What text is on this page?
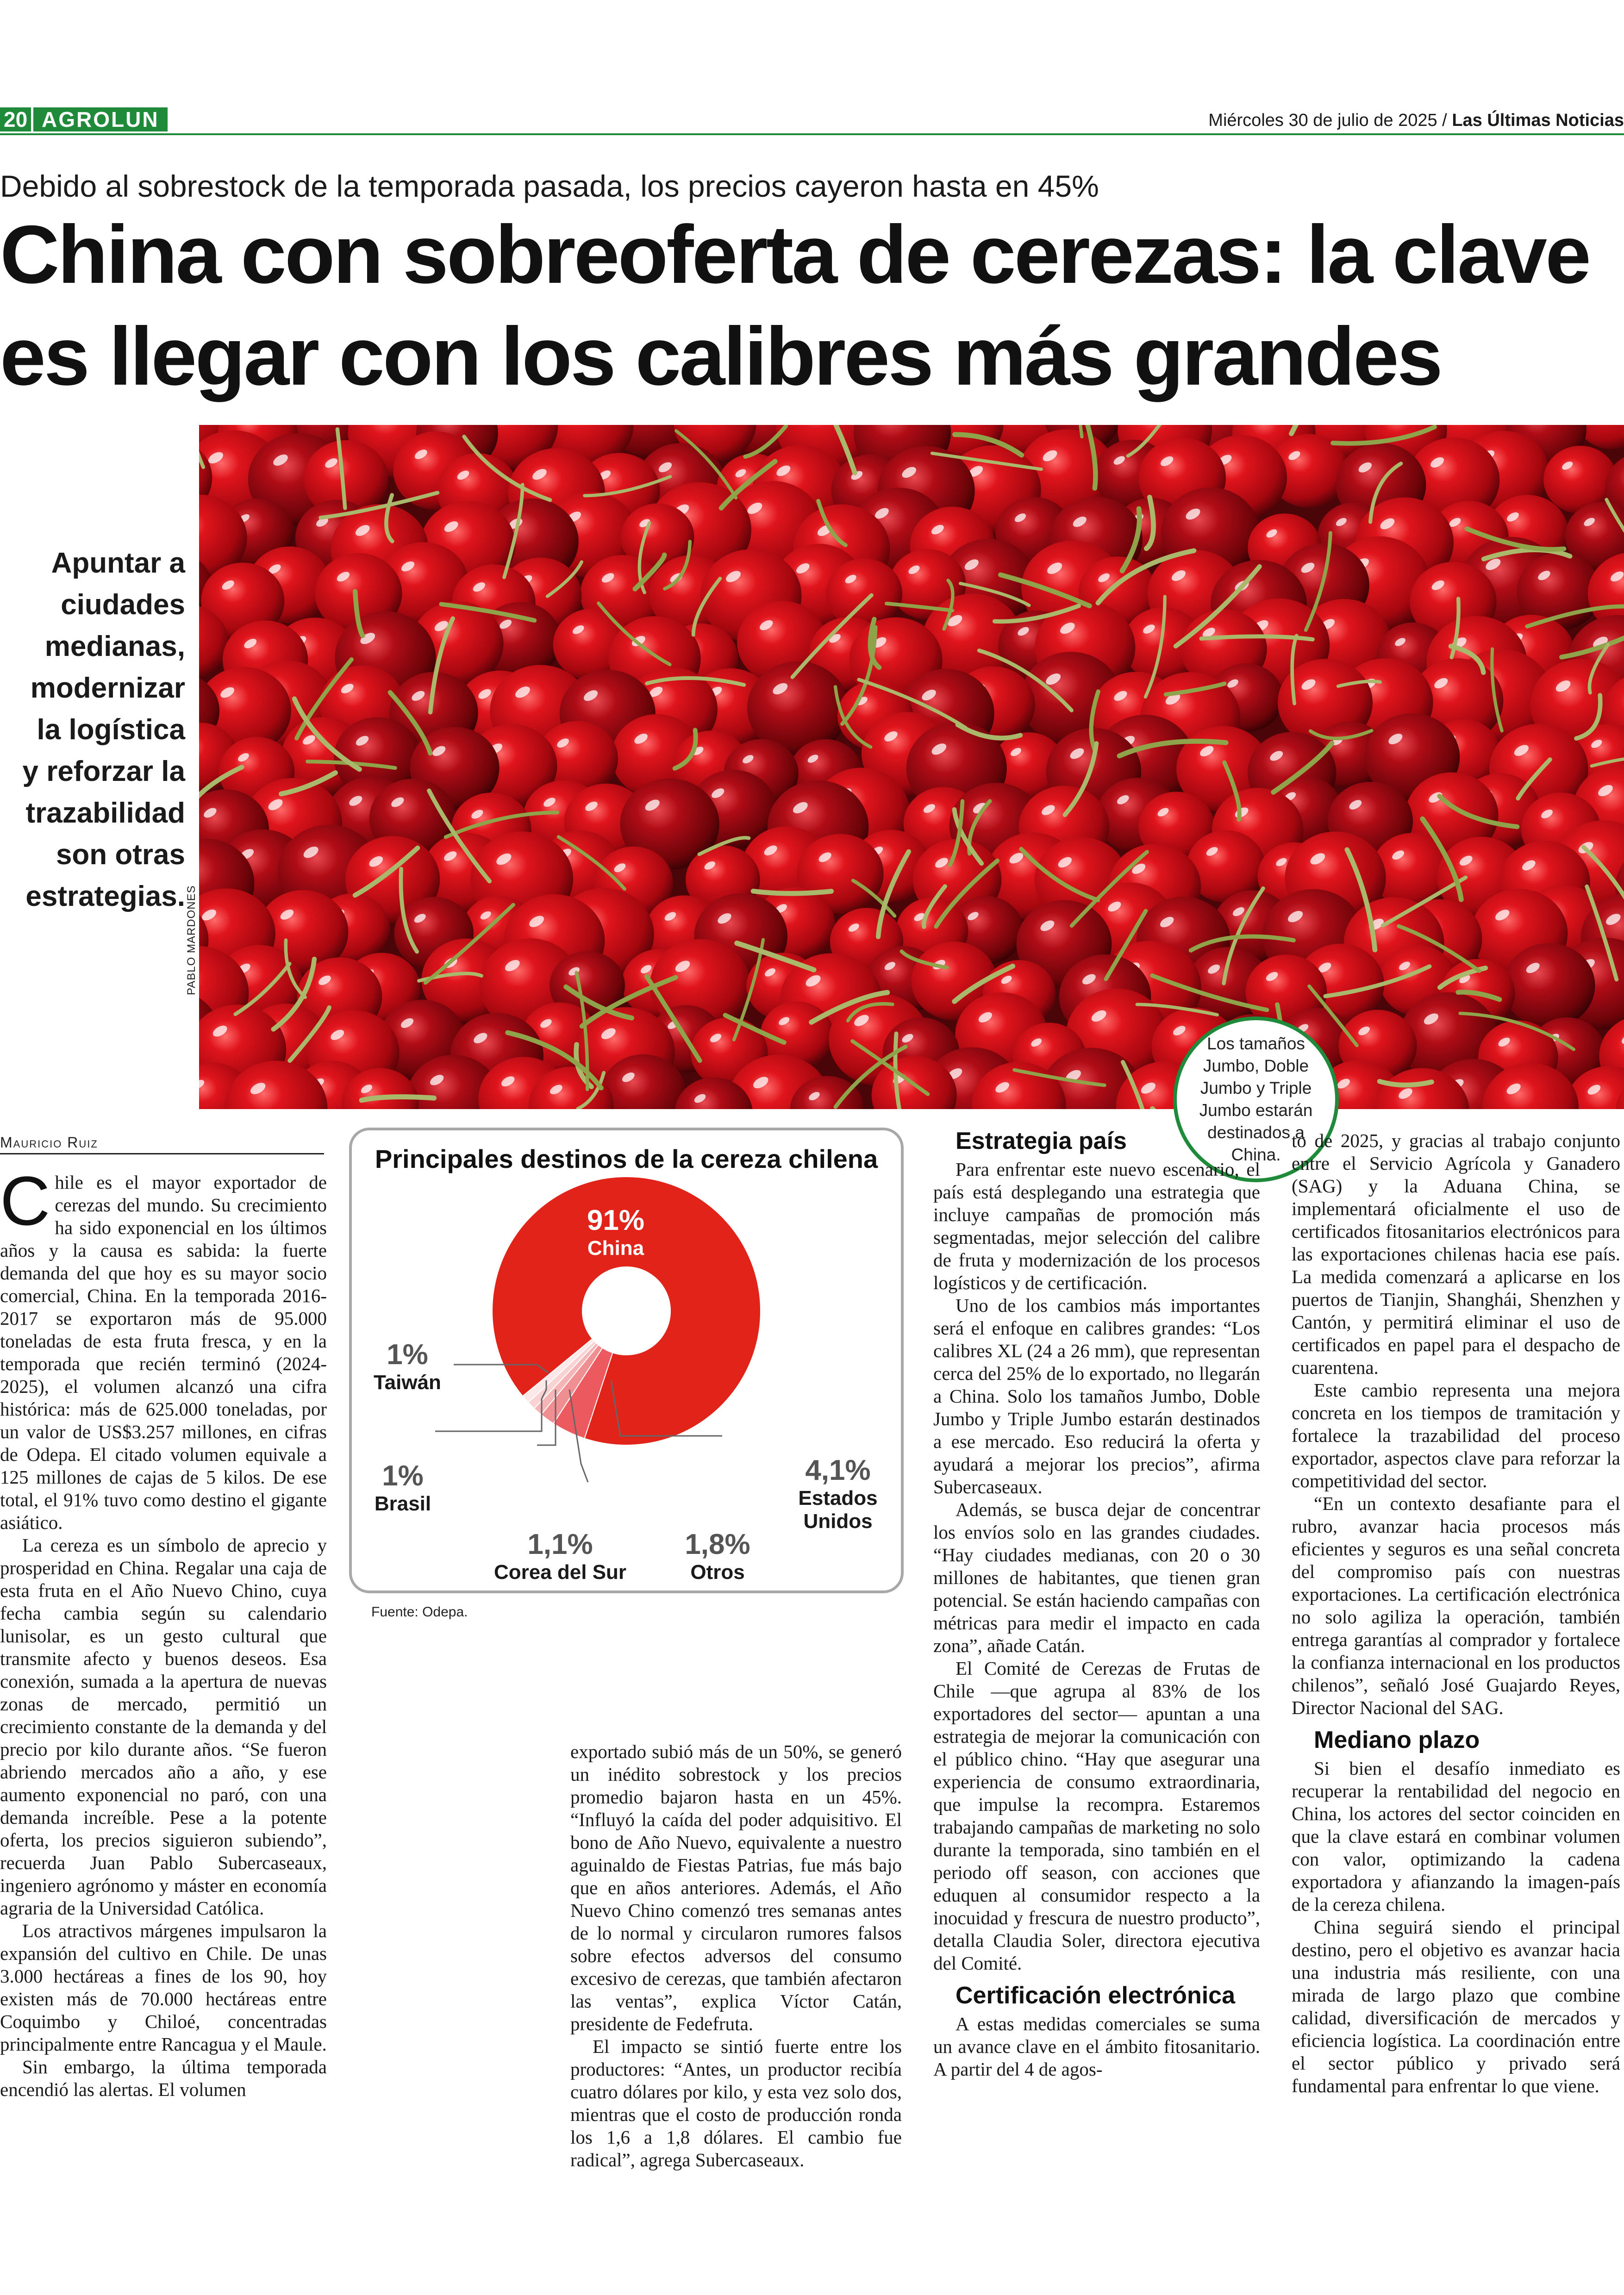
20 AGROLUN	Miércoles 30 de julio de 2025 / Las Últimas Noticias
Debido al sobrestock de la temporada pasada, los precios cayeron hasta en 45%
China con sobreoferta de cerezas: la clave
es llegar con los calibres más grandes
Apuntar a
ciudades
medianas,
modernizar
la logística
y reforzar la
trazabilidad
son otras
estrategias. PABLO MARDONES
Los tamaños Jumbo, Doble Jumbo y Triple Jumbo estarán destinados a China.
Mauricio Ruiz

Chile es el mayor exportador de cerezas del mundo. Su crecimiento ha sido exponencial en los últimos años y la causa es sabida: la fuerte demanda del que hoy es su mayor socio comercial, China. En la temporada 2016-2017 se exportaron más de 95.000 toneladas de esta fruta fresca, y en la temporada que recién terminó (2024-2025), el volumen alcanzó una cifra histórica: más de 625.000 toneladas, por un valor de US$3.257 millones, en cifras de Odepa. El citado volumen equivale a 125 millones de cajas de 5 kilos. De ese total, el 91% tuvo como destino el gigante asiático.

La cereza es un símbolo de aprecio y prosperidad en China. Regalar una caja de esta fruta en el Año Nuevo Chino, cuya fecha cambia según su calendario lunisolar, es un gesto cultural que transmite afecto y buenos deseos. Esa conexión, sumada a la apertura de nuevas zonas de mercado, permitió un crecimiento constante de la demanda y del precio por kilo durante años. “Se fueron abriendo mercados año a año, y ese aumento exponencial no paró, con una demanda increíble. Pese a la potente oferta, los precios siguieron subiendo”, recuerda Juan Pablo Subercaseaux, ingeniero agrónomo y máster en economía agraria de la Universidad Católica.

Los atractivos márgenes impulsaron la expansión del cultivo en Chile. De unas 3.000 hectáreas a fines de los 90, hoy existen más de 70.000 hectáreas entre Coquimbo y Chiloé, concentradas principalmente entre Rancagua y el Maule.

Sin embargo, la última temporada encendió las alertas. El volumen

Principales destinos de la cereza chilena
91%
China
1%
Taiwán
1%
Brasil
1,1%
Corea del Sur
1,8%
Otros
4,1%
Estados
Unidos
Fuente: Odepa.

exportado subió más de un 50%, se generó un inédito sobrestock y los precios promedio bajaron hasta en un 45%. “Influyó la caída del poder adquisitivo. El bono de Año Nuevo, equivalente a nuestro aguinaldo de Fiestas Patrias, fue más bajo que en años anteriores. Además, el Año Nuevo Chino comenzó tres semanas antes de lo normal y circularon rumores falsos sobre efectos adversos del consumo excesivo de cerezas, que también afectaron las ventas”, explica Víctor Catán, presidente de Fedefruta.

El impacto se sintió fuerte entre los productores: “Antes, un productor recibía cuatro dólares por kilo, y esta vez solo dos, mientras que el costo de producción ronda los 1,6 a 1,8 dólares. El cambio fue radical”, agrega Subercaseaux.

Estrategia país

Para enfrentar este nuevo escenario, el país está desplegando una estrategia que incluye campañas de promoción más segmentadas, mejor selección del calibre de fruta y modernización de los procesos logísticos y de certificación.

Uno de los cambios más importantes será el enfoque en calibres grandes: “Los calibres XL (24 a 26 mm), que representan cerca del 25% de lo exportado, no llegarán a China. Solo los tamaños Jumbo, Doble Jumbo y Triple Jumbo estarán destinados a ese mercado. Eso reducirá la oferta y ayudará a mejorar los precios”, afirma Subercaseaux.

Además, se busca dejar de concentrar los envíos solo en las grandes ciudades. “Hay ciudades medianas, con 20 o 30 millones de habitantes, que tienen gran potencial. Se están haciendo campañas con métricas para medir el impacto en cada zona”, añade Catán.

El Comité de Cerezas de Frutas de Chile —que agrupa al 83% de los exportadores del sector— apuntan a una estrategia de mejorar la comunicación con el público chino. “Hay que asegurar una experiencia de consumo extraordinaria, que impulse la recompra. Estaremos trabajando campañas de marketing no solo durante la temporada, sino también en el periodo off season, con acciones que eduquen al consumidor respecto a la inocuidad y frescura de nuestro producto”, detalla Claudia Soler, directora ejecutiva del Comité.

Certificación electrónica

A estas medidas comerciales se suma un avance clave en el ámbito fitosanitario. A partir del 4 de agos-

to de 2025, y gracias al trabajo conjunto entre el Servicio Agrícola y Ganadero (SAG) y la Aduana China, se implementará oficialmente el uso de certificados fitosanitarios electrónicos para las exportaciones chilenas hacia ese país. La medida comenzará a aplicarse en los puertos de Tianjin, Shanghái, Shenzhen y Cantón, y permitirá eliminar el uso de certificados en papel para el despacho de cuarentena.

Este cambio representa una mejora concreta en los tiempos de tramitación y fortalece la trazabilidad del proceso exportador, aspectos clave para reforzar la competitividad del sector.

“En un contexto desafiante para el rubro, avanzar hacia procesos más eficientes y seguros es una señal concreta del compromiso país con nuestras exportaciones. La certificación electrónica no solo agiliza la operación, también entrega garantías al comprador y fortalece la confianza internacional en los productos chilenos”, señaló José Guajardo Reyes, Director Nacional del SAG.

Mediano plazo

Si bien el desafío inmediato es recuperar la rentabilidad del negocio en China, los actores del sector coinciden en que la clave estará en combinar volumen con valor, optimizando la cadena exportadora y afianzando la imagen-país de la cereza chilena.

China seguirá siendo el principal destino, pero el objetivo es avanzar hacia una industria más resiliente, con una mirada de largo plazo que combine calidad, diversificación de mercados y eficiencia logística. La coordinación entre el sector público y privado será fundamental para enfrentar lo que viene.
